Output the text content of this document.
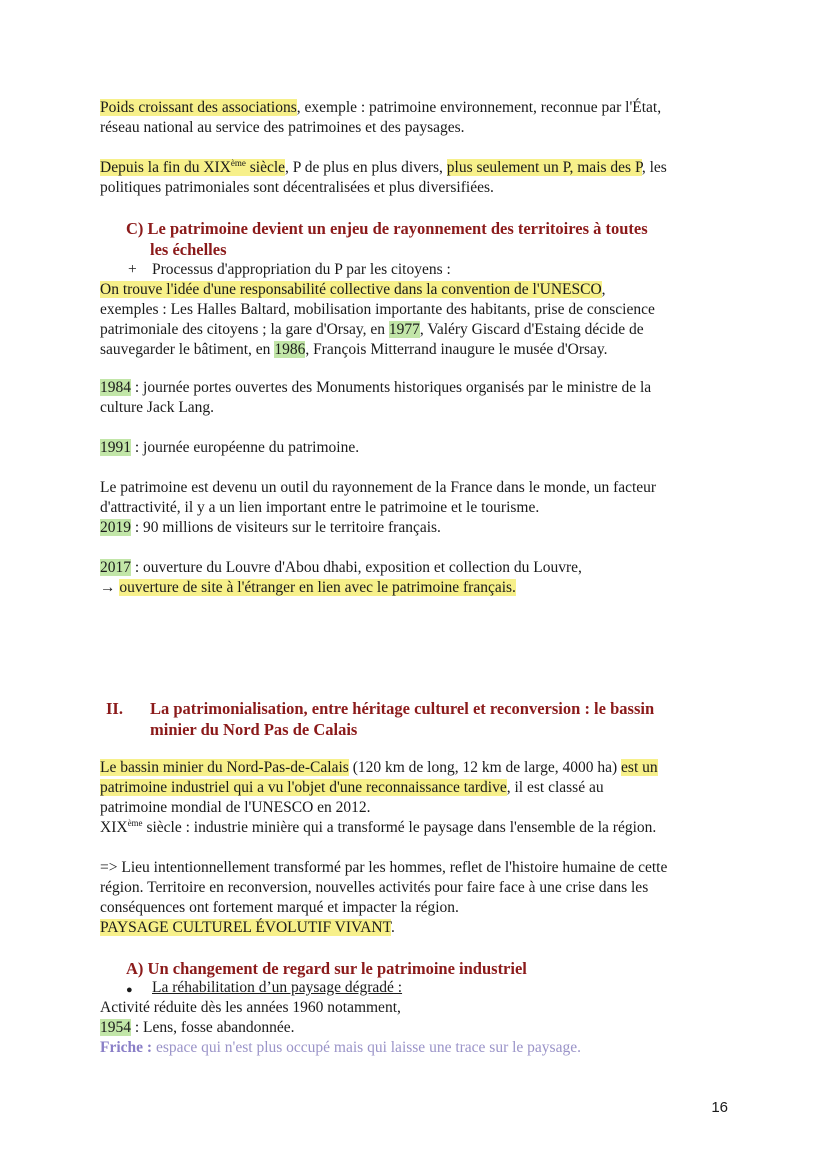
Poids croissant des associations, exemple : patrimoine environnement, reconnue par l'État,
réseau national au service des patrimoines et des paysages.
Depuis la fin du XIXème siècle, P de plus en plus divers, plus seulement un P, mais des P, les
politiques patrimoniales sont décentralisées et plus diversifiées.
C) Le patrimoine devient un enjeu de rayonnement des territoires à toutes
les échelles
+ Processus d'appropriation du P par les citoyens :
On trouve l'idée d'une responsabilité collective dans la convention de l'UNESCO,
exemples : Les Halles Baltard, mobilisation importante des habitants, prise de conscience
patrimoniale des citoyens ; la gare d'Orsay, en 1977, Valéry Giscard d'Estaing décide de
sauvegarder le bâtiment, en 1986, François Mitterrand inaugure le musée d'Orsay.
1984 : journée portes ouvertes des Monuments historiques organisés par le ministre de la
culture Jack Lang.
1991 : journée européenne du patrimoine.
Le patrimoine est devenu un outil du rayonnement de la France dans le monde, un facteur
d'attractivité, il y a un lien important entre le patrimoine et le tourisme.
2019 : 90 millions de visiteurs sur le territoire français.
2017 : ouverture du Louvre d'Abou dhabi, exposition et collection du Louvre,
→ ouverture de site à l'étranger en lien avec le patrimoine français.
II. La patrimonialisation, entre héritage culturel et reconversion : le bassin
minier du Nord Pas de Calais
Le bassin minier du Nord-Pas-de-Calais (120 km de long, 12 km de large, 4000 ha) est un
patrimoine industriel qui a vu l'objet d'une reconnaissance tardive, il est classé au
patrimoine mondial de l'UNESCO en 2012.
XIXème siècle : industrie minière qui a transformé le paysage dans l'ensemble de la région.
=> Lieu intentionnellement transformé par les hommes, reflet de l'histoire humaine de cette
région. Territoire en reconversion, nouvelles activités pour faire face à une crise dans les
conséquences ont fortement marqué et impacter la région.
PAYSAGE CULTUREL ÉVOLUTIF VIVANT.
A) Un changement de regard sur le patrimoine industriel
● La réhabilitation d’un paysage dégradé :
Activité réduite dès les années 1960 notamment,
1954 : Lens, fosse abandonnée.
Friche : espace qui n'est plus occupé mais qui laisse une trace sur le paysage.
16
